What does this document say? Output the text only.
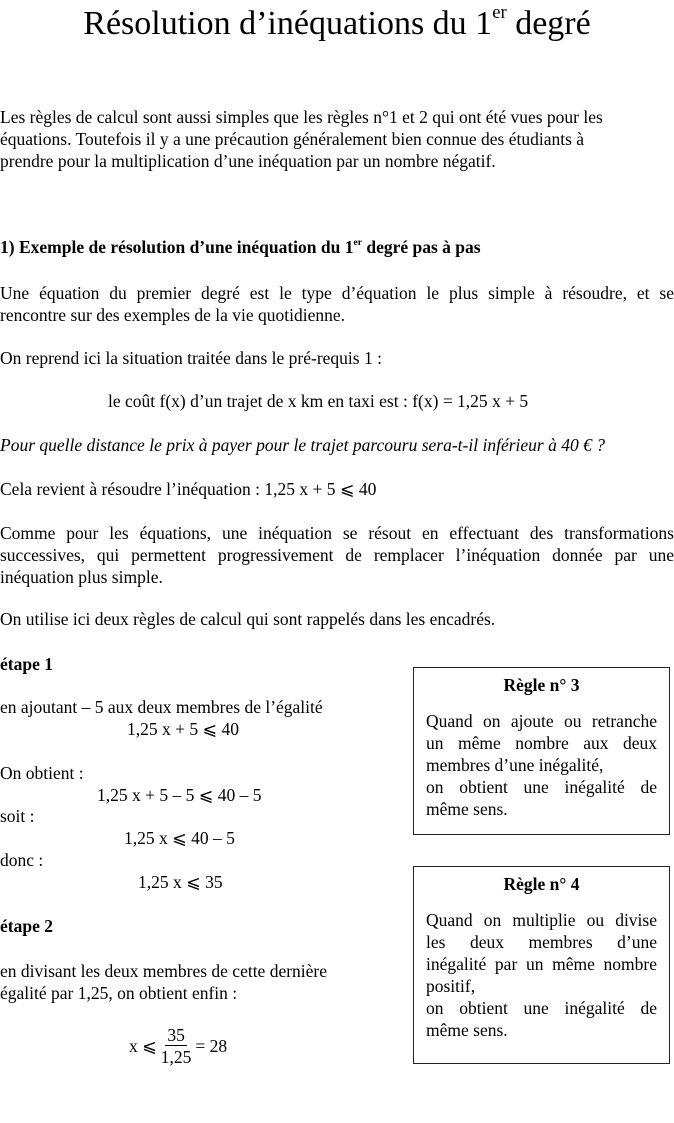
Résolution d’inéquations du 1er degré
Les règles de calcul sont aussi simples que les règles n°1 et 2 qui ont été vues pour les
équations. Toutefois il y a une précaution généralement bien connue des étudiants à
prendre pour la multiplication d’une inéquation par un nombre négatif.
1) Exemple de résolution d’une inéquation du 1er degré pas à pas
Une équation du premier degré est le type d’équation le plus simple à résoudre, et se
rencontre sur des exemples de la vie quotidienne.
On reprend ici la situation traitée dans le pré-requis 1 :
le coût f(x) d’un trajet de x km en taxi est : f(x) = 1,25 x + 5
Pour quelle distance le prix à payer pour le trajet parcouru sera-t-il inférieur à 40 € ?
Cela revient à résoudre l’inéquation : 1,25 x + 5 ⩽ 40
Comme pour les équations, une inéquation se résout en effectuant des transformations
successives, qui permettent progressivement de remplacer l’inéquation donnée par une
inéquation plus simple.
On utilise ici deux règles de calcul qui sont rappelés dans les encadrés.
étape 1
en ajoutant – 5 aux deux membres de l’égalité
1,25 x + 5 ⩽ 40
On obtient :
1,25 x + 5 – 5 ⩽ 40 – 5
soit :
1,25 x ⩽ 40 – 5
donc :
1,25 x ⩽ 35
étape 2
en divisant les deux membres de cette dernière
égalité par 1,25, on obtient enfin :
x ⩽ $\frac{35}{1,25} = 28$
Règle n° 3
Quand on ajoute ou retranche
un même nombre aux deux
membres d’une inégalité,
on obtient une inégalité de
même sens.
Règle n° 4
Quand on multiplie ou divise
les deux membres d’une
inégalité par un même nombre
positif,
on obtient une inégalité de
même sens.
